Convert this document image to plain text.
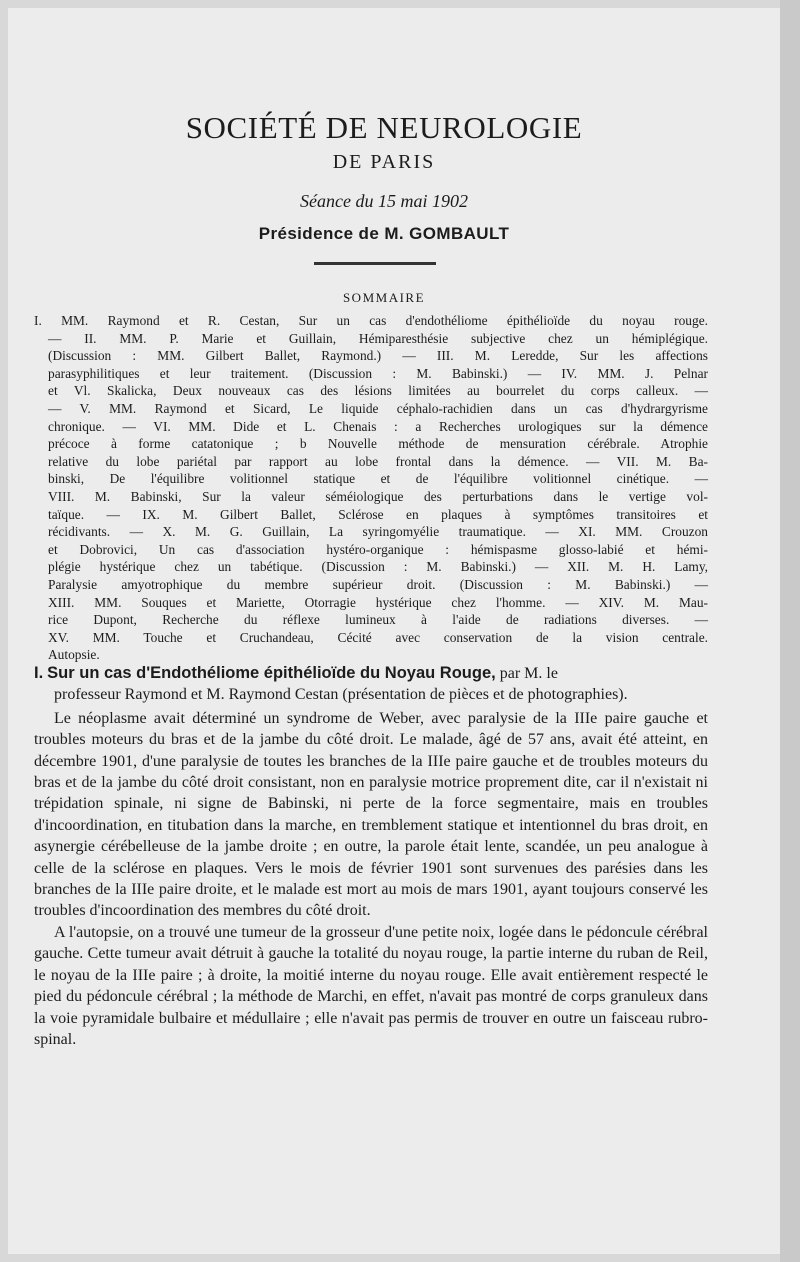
SOCIÉTÉ DE NEUROLOGIE
DE PARIS
Séance du 15 mai 1902
Présidence de M. GOMBAULT
SOMMAIRE
I. MM. Raymond et R. Cestan, Sur un cas d'endothéliome épithélioïde du noyau rouge.
— II. MM. P. Marie et Guillain, Hémiparesthésie subjective chez un hémiplégique.
(Discussion : MM. Gilbert Ballet, Raymond.) — III. M. Leredde, Sur les affections
parasyphilitiques et leur traitement. (Discussion : M. Babinski.) — IV. MM. J. Pelnar
et Vl. Skalicka, Deux nouveaux cas des lésions limitées au bourrelet du corps calleux. —
— V. MM. Raymond et Sicard, Le liquide céphalo-rachidien dans un cas d'hydrargyrisme
chronique. — VI. MM. Dide et L. Chenais : a Recherches urologiques sur la démence
précoce à forme catatonique ; b Nouvelle méthode de mensuration cérébrale. Atrophie
relative du lobe pariétal par rapport au lobe frontal dans la démence. — VII. M. Ba-
binski, De l'équilibre volitionnel statique et de l'équilibre volitionnel cinétique. —
VIII. M. Babinski, Sur la valeur séméiologique des perturbations dans le vertige vol-
taïque. — IX. M. Gilbert Ballet, Sclérose en plaques à symptômes transitoires et
récidivants. — X. M. G. Guillain, La syringomyélie traumatique. — XI. MM. Crouzon
et Dobrovici, Un cas d'association hystéro-organique : hémispasme glosso-labié et hémi-
plégie hystérique chez un tabétique. (Discussion : M. Babinski.) — XII. M. H. Lamy,
Paralysie amyotrophique du membre supérieur droit. (Discussion : M. Babinski.) —
XIII. MM. Souques et Mariette, Otorragie hystérique chez l'homme. — XIV. M. Mau-
rice Dupont, Recherche du réflexe lumineux à l'aide de radiations diverses. —
XV. MM. Touche et Cruchandeau, Cécité avec conservation de la vision centrale.
Autopsie.
I. Sur un cas d'Endothéliome épithélioïde du Noyau Rouge, par M. le
professeur Raymond et M. Raymond Cestan (présentation de pièces et de photographies).

Le néoplasme avait déterminé un syndrome de Weber, avec paralysie de la IIIe paire gauche et troubles moteurs du bras et de la jambe du côté droit. Le malade, âgé de 57 ans, avait été atteint, en décembre 1901, d'une paralysie de toutes les branches de la IIIe paire gauche et de troubles moteurs du bras et de la jambe du côté droit consistant, non en paralysie motrice proprement dite, car il n'existait ni trépidation spinale, ni signe de Babinski, ni perte de la force segmentaire, mais en troubles d'incoordination, en titubation dans la marche, en tremblement statique et intentionnel du bras droit, en asynergie cérébelleuse de la jambe droite ; en outre, la parole était lente, scandée, un peu analogue à celle de la sclérose en plaques. Vers le mois de février 1901 sont survenues des parésies dans les branches de la IIIe paire droite, et le malade est mort au mois de mars 1901, ayant toujours conservé les troubles d'incoordination des membres du côté droit.

A l'autopsie, on a trouvé une tumeur de la grosseur d'une petite noix, logée dans le pédoncule cérébral gauche. Cette tumeur avait détruit à gauche la totalité du noyau rouge, la partie interne du ruban de Reil, le noyau de la IIIe paire ; à droite, la moitié interne du noyau rouge. Elle avait entièrement respecté le pied du pédoncule cérébral ; la méthode de Marchi, en effet, n'avait pas montré de corps granuleux dans la voie pyramidale bulbaire et médullaire ; elle n'avait pas permis de trouver en outre un faisceau rubro-spinal.
